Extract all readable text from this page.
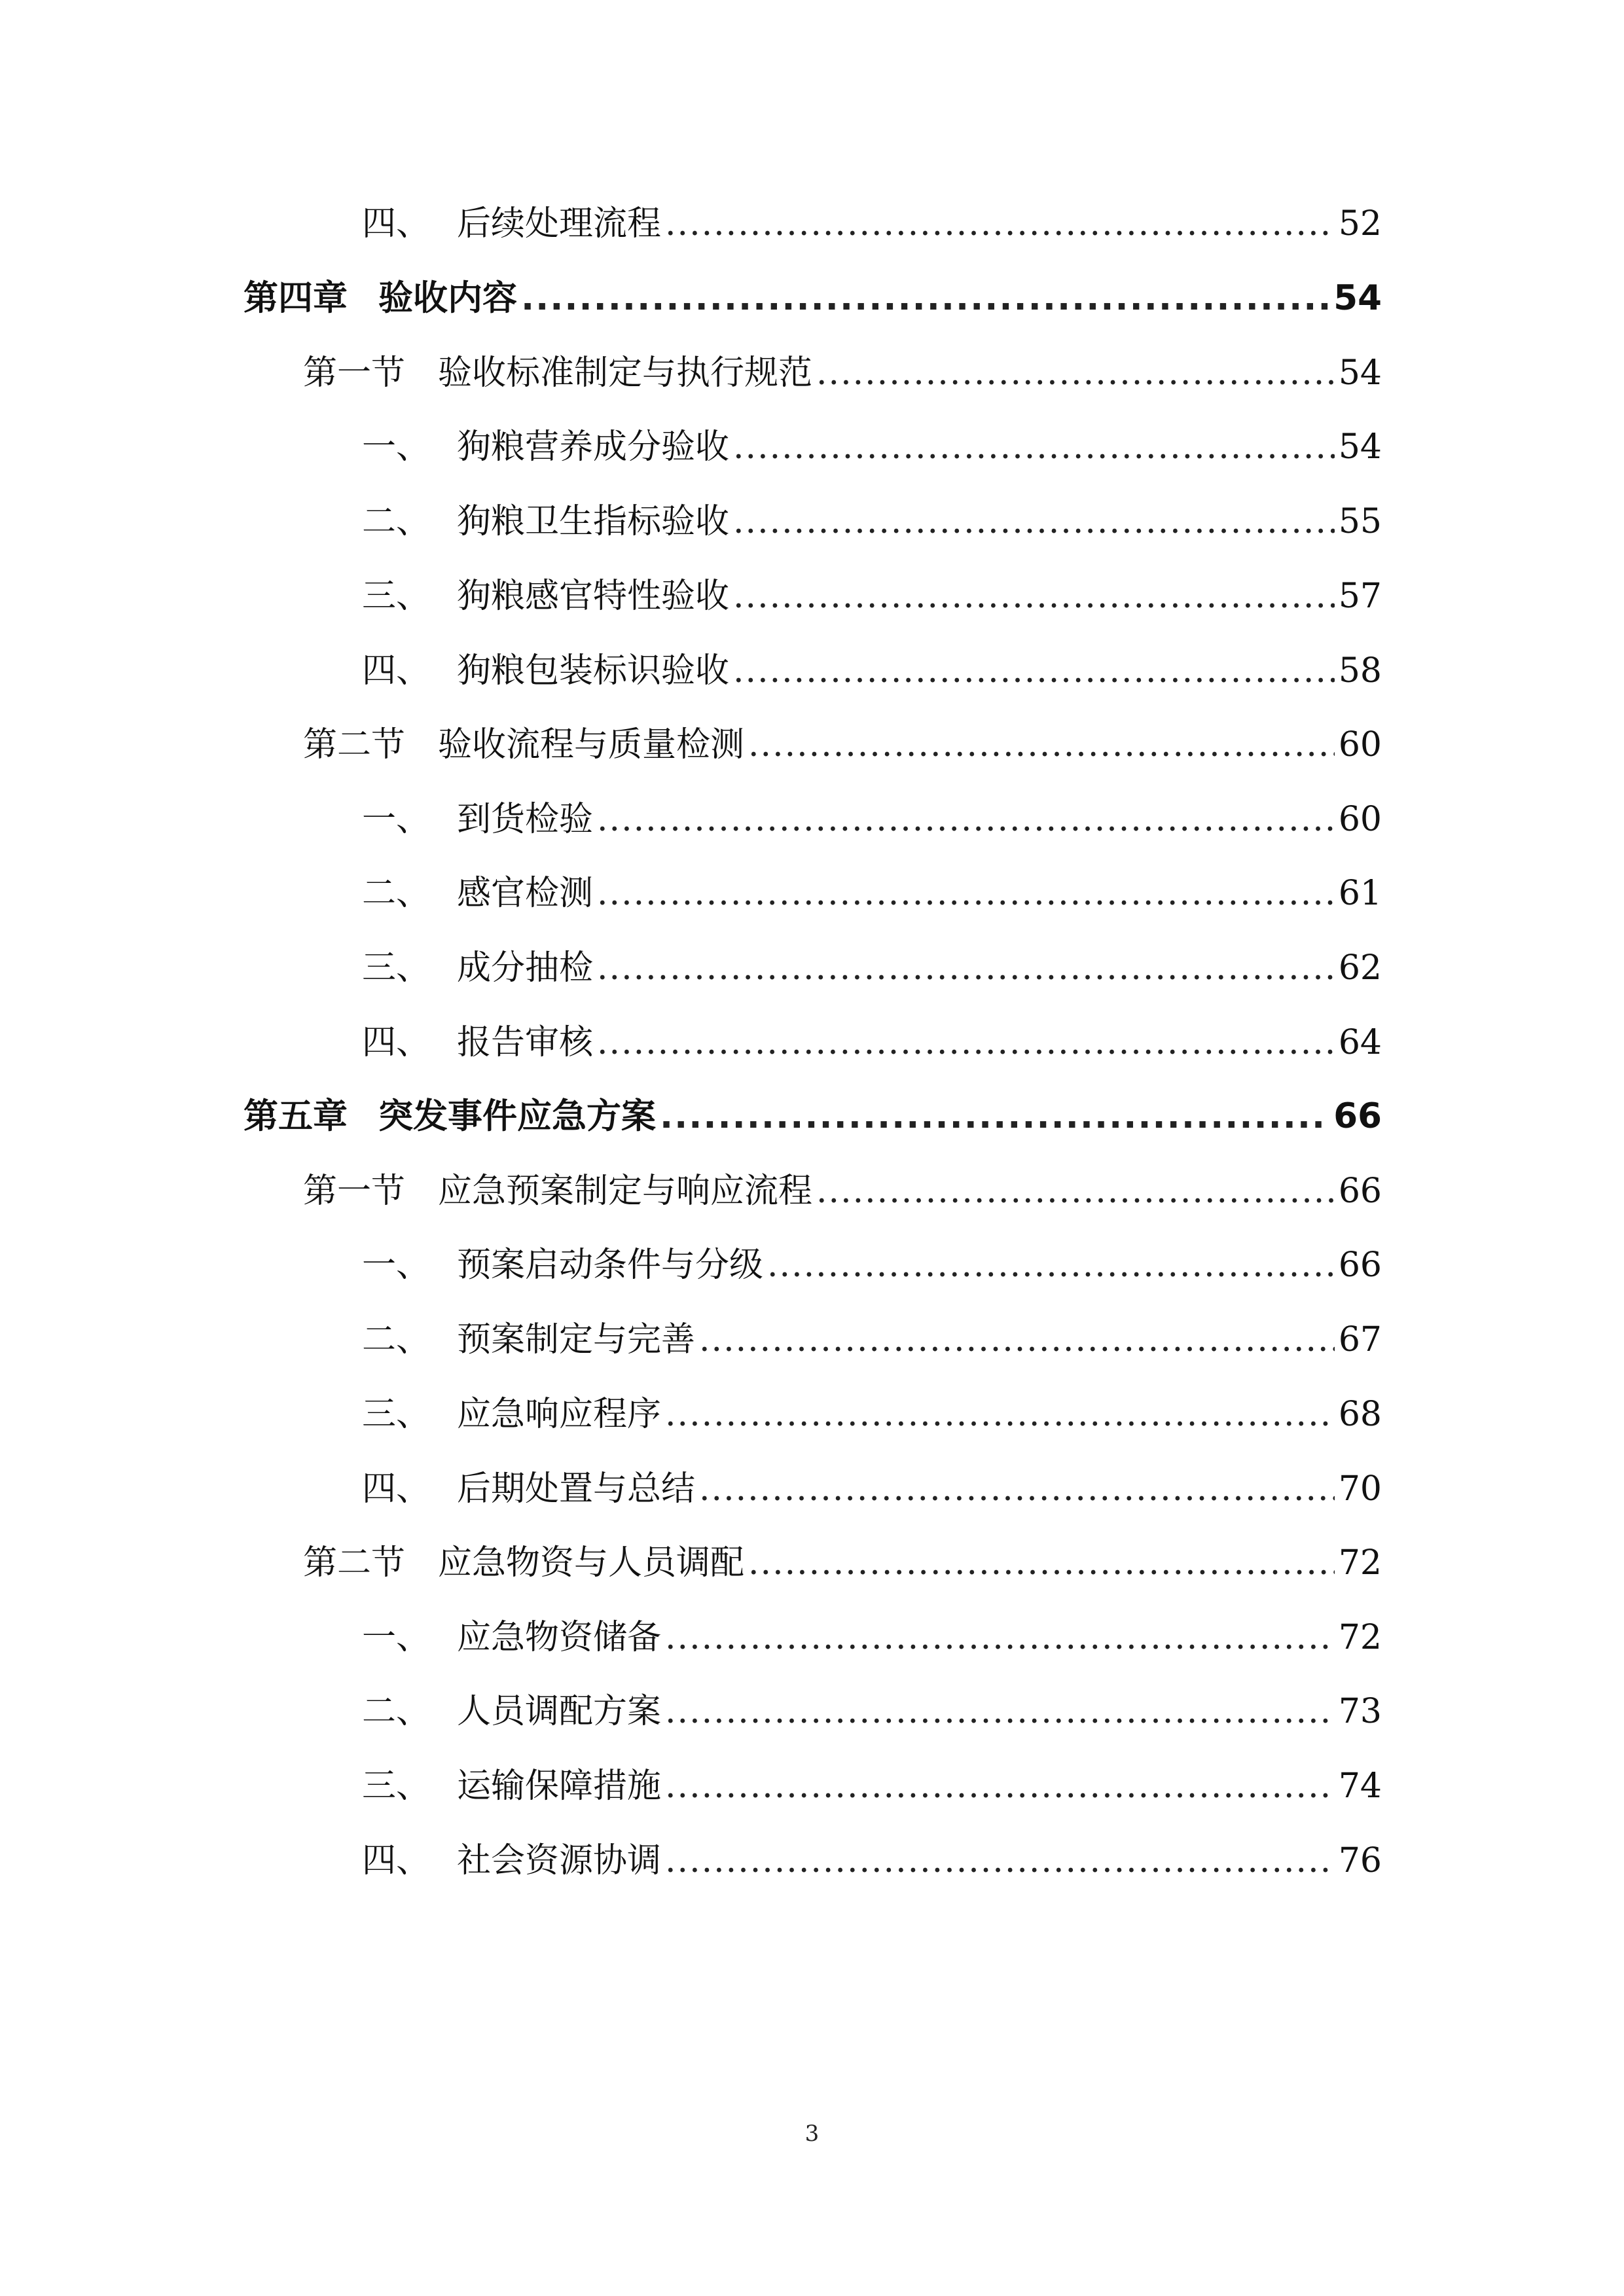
四、 后续处理流程 .....	52
第四章 验收内容 .....	54
第一节 验收标准制定与执行规范 .....	54
一、 狗粮营养成分验收 .....	54
二、 狗粮卫生指标验收 .....	55
三、 狗粮感官特性验收 .....	57
四、 狗粮包装标识验收 .....	58
第二节 验收流程与质量检测 .....	60
一、 到货检验 .....	60
二、 感官检测 .....	61
三、 成分抽检 .....	62
四、 报告审核 .....	64
第五章 突发事件应急方案 .....	66
第一节 应急预案制定与响应流程 .....	66
一、 预案启动条件与分级 .....	66
二、 预案制定与完善 .....	67
三、 应急响应程序 .....	68
四、 后期处置与总结 .....	70
第二节 应急物资与人员调配 .....	72
一、 应急物资储备 .....	72
二、 人员调配方案 .....	73
三、 运输保障措施 .....	74
四、 社会资源协调 .....	76
3
